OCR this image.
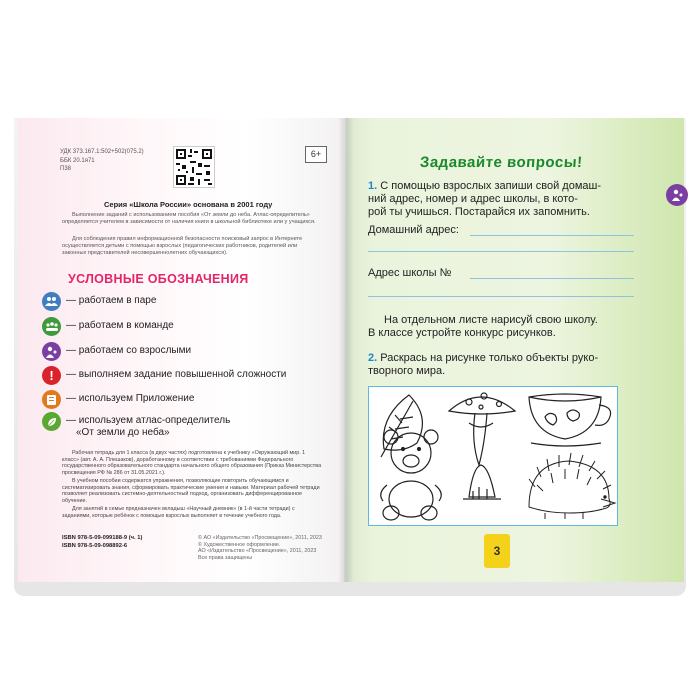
УДК 373.167.1:502+502(075.2)
ББК 20.1я71
П38
6+
Серия «Школа России» основана в 2001 году
Выполнение заданий с использованием пособия «От земли до неба. Атлас-определитель» определяется учителем в зависимости от наличия книги в школьной библиотеке или у учащихся.
Для соблюдения правил информационной безопасности поисковый запрос в Интернете осуществляется детьми с помощью взрослых (педагогических работников, родителей или законных представителей несовершеннолетних обучающихся).
УСЛОВНЫЕ ОБОЗНАЧЕНИЯ
— работаем в паре
— работаем в команде
— работаем со взрослыми
! — выполняем задание повышенной сложности
— используем Приложение
— используем атлас-определитель
«От земли до неба»
Рабочая тетрадь для 1 класса (в двух частях) подготовлена к учебнику «Окружающий мир. 1 класс» (авт. А. А. Плешаков), доработанному в соответствии с требованиями Федерального государственного образовательного стандарта начального общего образования (Приказ Министерства просвещения РФ № 286 от 31.05.2021 г.).
В учебном пособии содержатся упражнения, позволяющие повторить обучающимся и систематизировать знания, сформировать практические умения и навыки. Материал рабочей тетради позволяет реализовать системно-деятельностный подход, организовать дифференцированное обучение.
Для занятий в семье предназначен вкладыш «Научный дневник» (в 1-й части тетради) с заданиями, которые ребёнок с помощью взрослых выполняет в течение учебного года.
ISBN 978-5-09-099188-9 (ч. 1)
ISBN 978-5-09-098892-6
© АО «Издательство «Просвещение», 2011, 2023
© Художественное оформление.
АО «Издательство «Просвещение», 2011, 2023
Все права защищены
Задавайте вопросы!
1. С помощью взрослых запиши свой домаш-
ний адрес, номер и адрес школы, в кото-
рой ты учишься. Постарайся их запомнить.
Домашний адрес:
Адрес школы №
На отдельном листе нарисуй свою школу.
В классе устройте конкурс рисунков.
2. Раскрась на рисунке только объекты руко-
творного мира.
3
